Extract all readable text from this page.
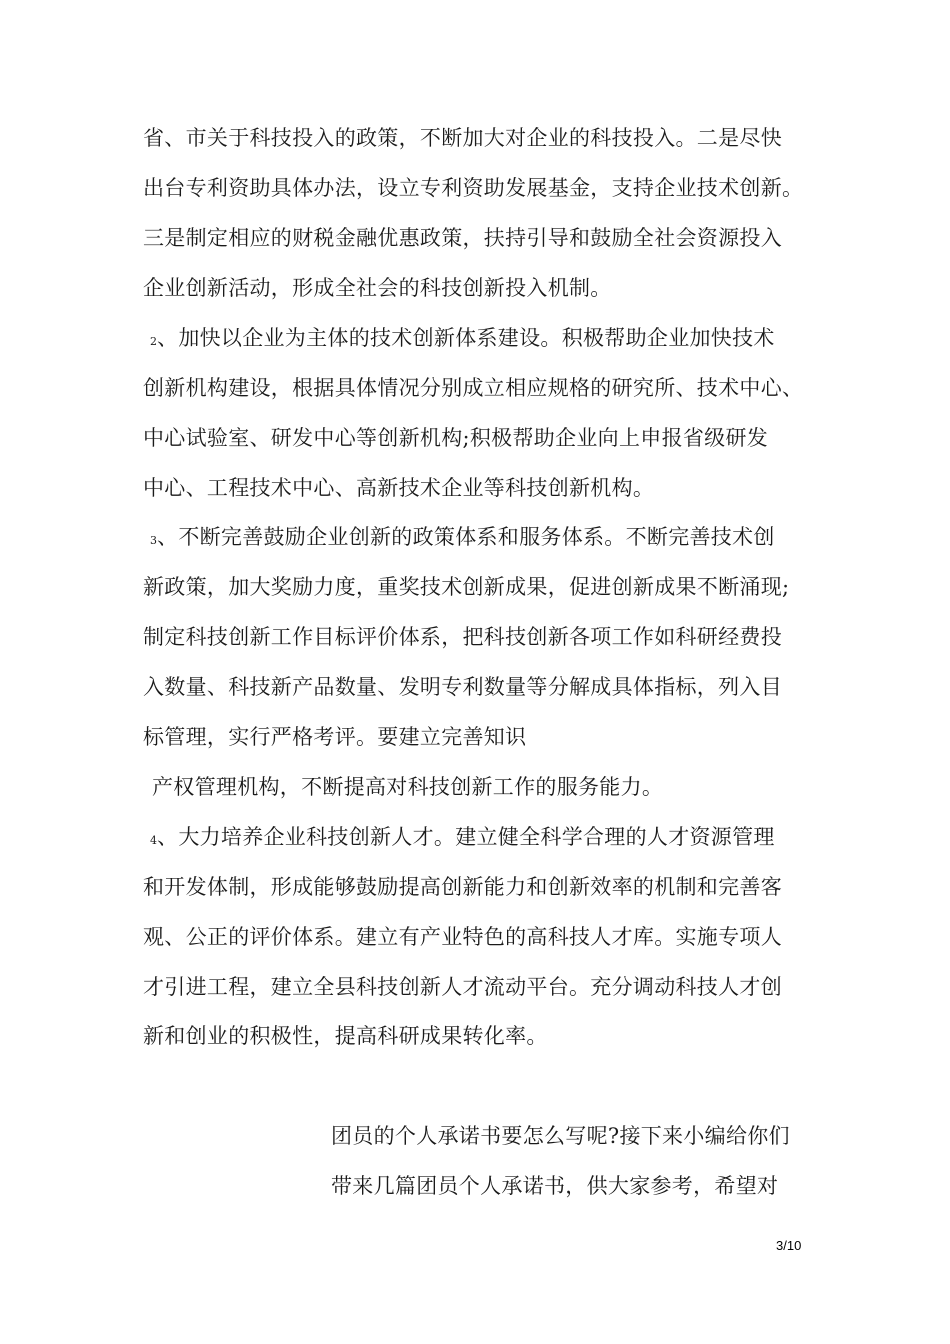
省、市关于科技投入的政策，不断加大对企业的科技投入。二是尽快
出台专利资助具体办法，设立专利资助发展基金，支持企业技术创新。
三是制定相应的财税金融优惠政策，扶持引导和鼓励全社会资源投入
企业创新活动，形成全社会的科技创新投入机制。
2、加快以企业为主体的技术创新体系建设。积极帮助企业加快技术
创新机构建设，根据具体情况分别成立相应规格的研究所、技术中心、
中心试验室、研发中心等创新机构;积极帮助企业向上申报省级研发
中心、工程技术中心、高新技术企业等科技创新机构。
3、不断完善鼓励企业创新的政策体系和服务体系。不断完善技术创
新政策，加大奖励力度，重奖技术创新成果，促进创新成果不断涌现;
制定科技创新工作目标评价体系，把科技创新各项工作如科研经费投
入数量、科技新产品数量、发明专利数量等分解成具体指标，列入目
标管理，实行严格考评。要建立完善知识
产权管理机构，不断提高对科技创新工作的服务能力。
4、大力培养企业科技创新人才。建立健全科学合理的人才资源管理
和开发体制，形成能够鼓励提高创新能力和创新效率的机制和完善客
观、公正的评价体系。建立有产业特色的高科技人才库。实施专项人
才引进工程，建立全县科技创新人才流动平台。充分调动科技人才创
新和创业的积极性，提高科研成果转化率。
团员的个人承诺书要怎么写呢?接下来小编给你们
带来几篇团员个人承诺书，供大家参考，希望对
3/10
